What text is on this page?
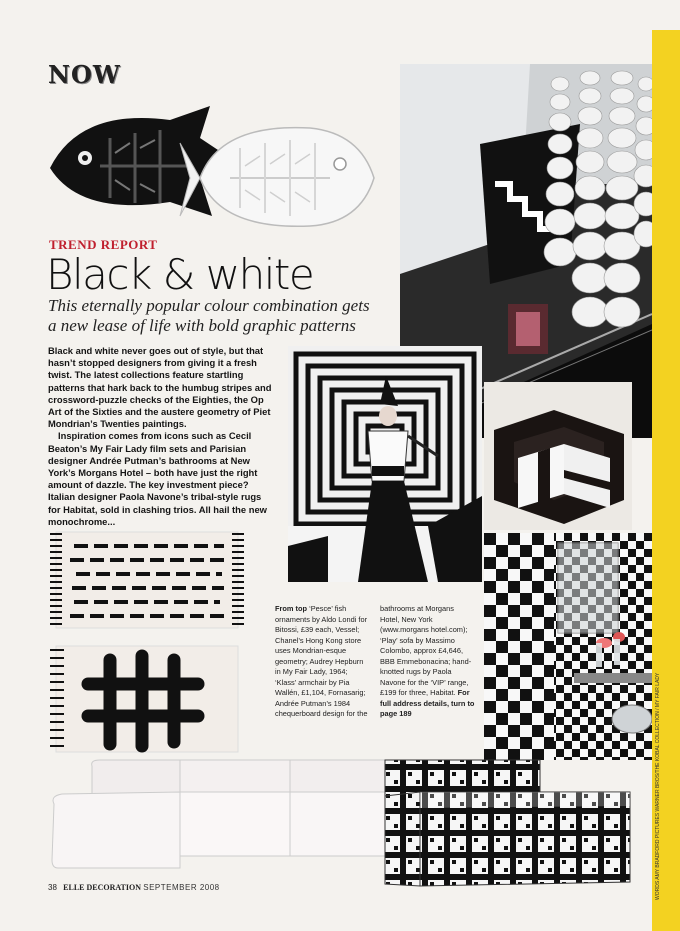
NOW
TREND REPORT
Black & white
This eternally popular colour combination gets a new lease of life with bold graphic patterns

Black and white never goes out of style, but that hasn’t stopped designers from giving it a fresh twist. The latest collections feature startling patterns that hark back to the humbug stripes and crossword-puzzle checks of the Eighties, the Op Art of the Sixties and the austere geometry of Piet Mondrian’s Twenties paintings.

Inspiration comes from icons such as Cecil Beaton’s My Fair Lady film sets and Parisian designer Andrée Putman’s bathrooms at New York’s Morgans Hotel – both have just the right amount of dazzle. The key investment piece? Italian designer Paola Navone’s tribal-style rugs for Habitat, sold in clashing trios. All hail the new monochrome...

From top ‘Pesce’ fish ornaments by Aldo Londi for Bitossi, £39 each, Vessel; Chanel’s Hong Kong store uses Mondrian-esque geometry; Audrey Hepburn in My Fair Lady, 1964; ‘Klass’ armchair by Pia Wallén, £1,104, Fornasarig; Andrée Putman’s 1984 chequerboard design for the bathrooms at Morgans Hotel, New York (www.morgans hotel.com); ‘Play’ sofa by Massimo Colombo, approx £4,646, BBB Emmebonacina; hand-knotted rugs by Paola Navone for the ‘VIP’ range, £199 for three, Habitat. For full address details, turn to page 189
38 ELLE DECORATION SEPTEMBER 2008	WORDS AMY BRADFORD PICTURES WARNER BROS/THE KOBAL COLLECTION / MY FAIR LADY
